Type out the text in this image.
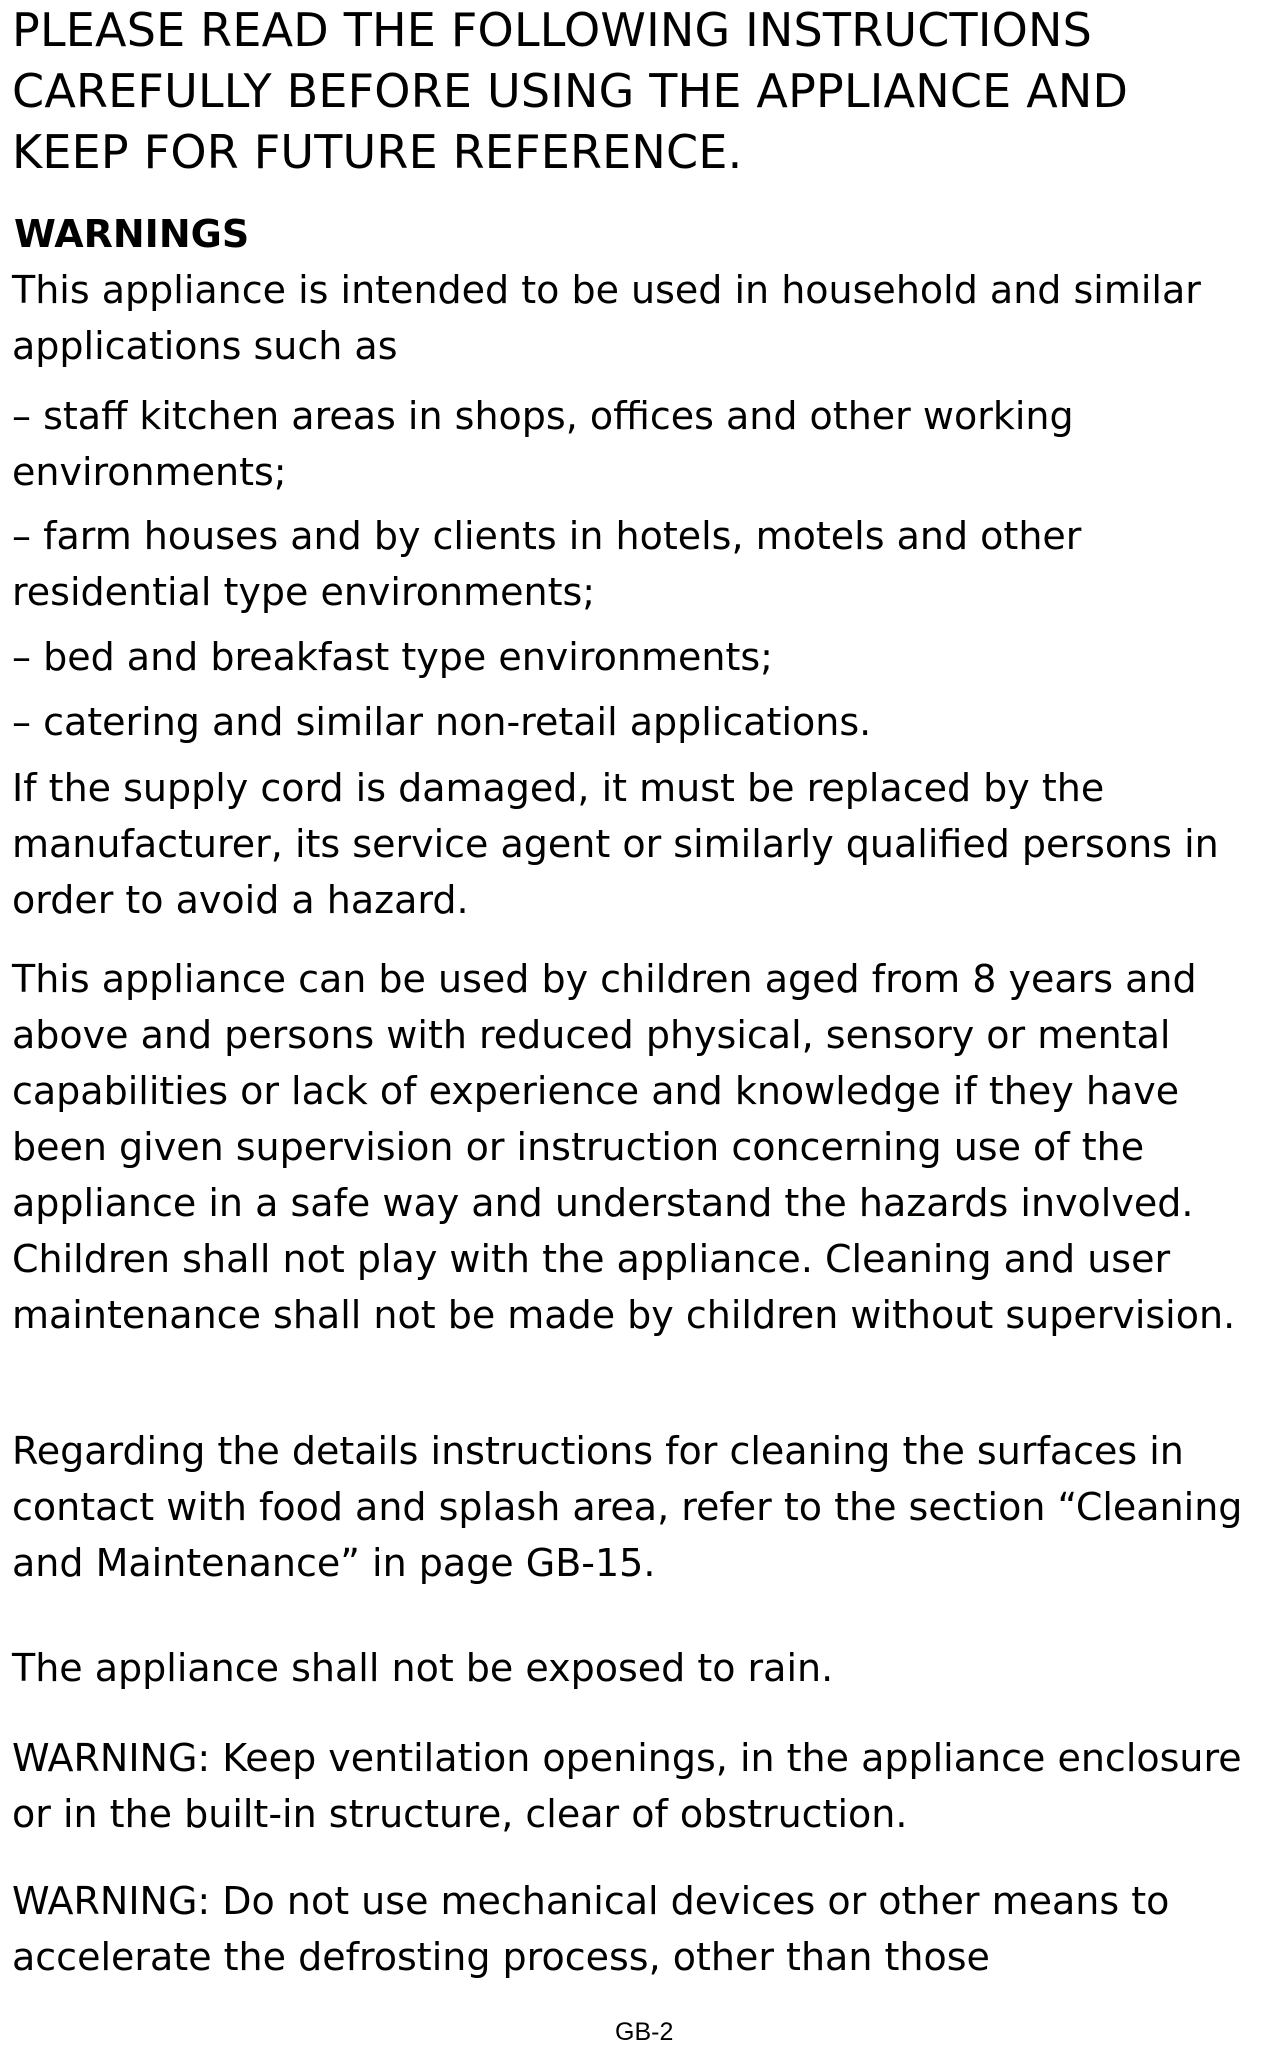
PLEASE READ THE FOLLOWING INSTRUCTIONS CAREFULLY BEFORE USING THE APPLIANCE AND KEEP FOR FUTURE REFERENCE.

WARNINGS

This appliance is intended to be used in household and similar applications such as

– staff kitchen areas in shops, offices and other working environments;

– farm houses and by clients in hotels, motels and other residential type environments;

– bed and breakfast type environments;

– catering and similar non-retail applications.

If the supply cord is damaged, it must be replaced by the manufacturer, its service agent or similarly qualified persons in order to avoid a hazard.

This appliance can be used by children aged from 8 years and above and persons with reduced physical, sensory or mental capabilities or lack of experience and knowledge if they have been given supervision or instruction concerning use of the appliance in a safe way and understand the hazards involved. Children shall not play with the appliance. Cleaning and user maintenance shall not be made by children without supervision.

Regarding the details instructions for cleaning the surfaces in contact with food and splash area, refer to the section “Cleaning and Maintenance” in page GB-15.

The appliance shall not be exposed to rain.

WARNING: Keep ventilation openings, in the appliance enclosure or in the built-in structure, clear of obstruction.

WARNING: Do not use mechanical devices or other means to accelerate the defrosting process, other than those

GB-2
